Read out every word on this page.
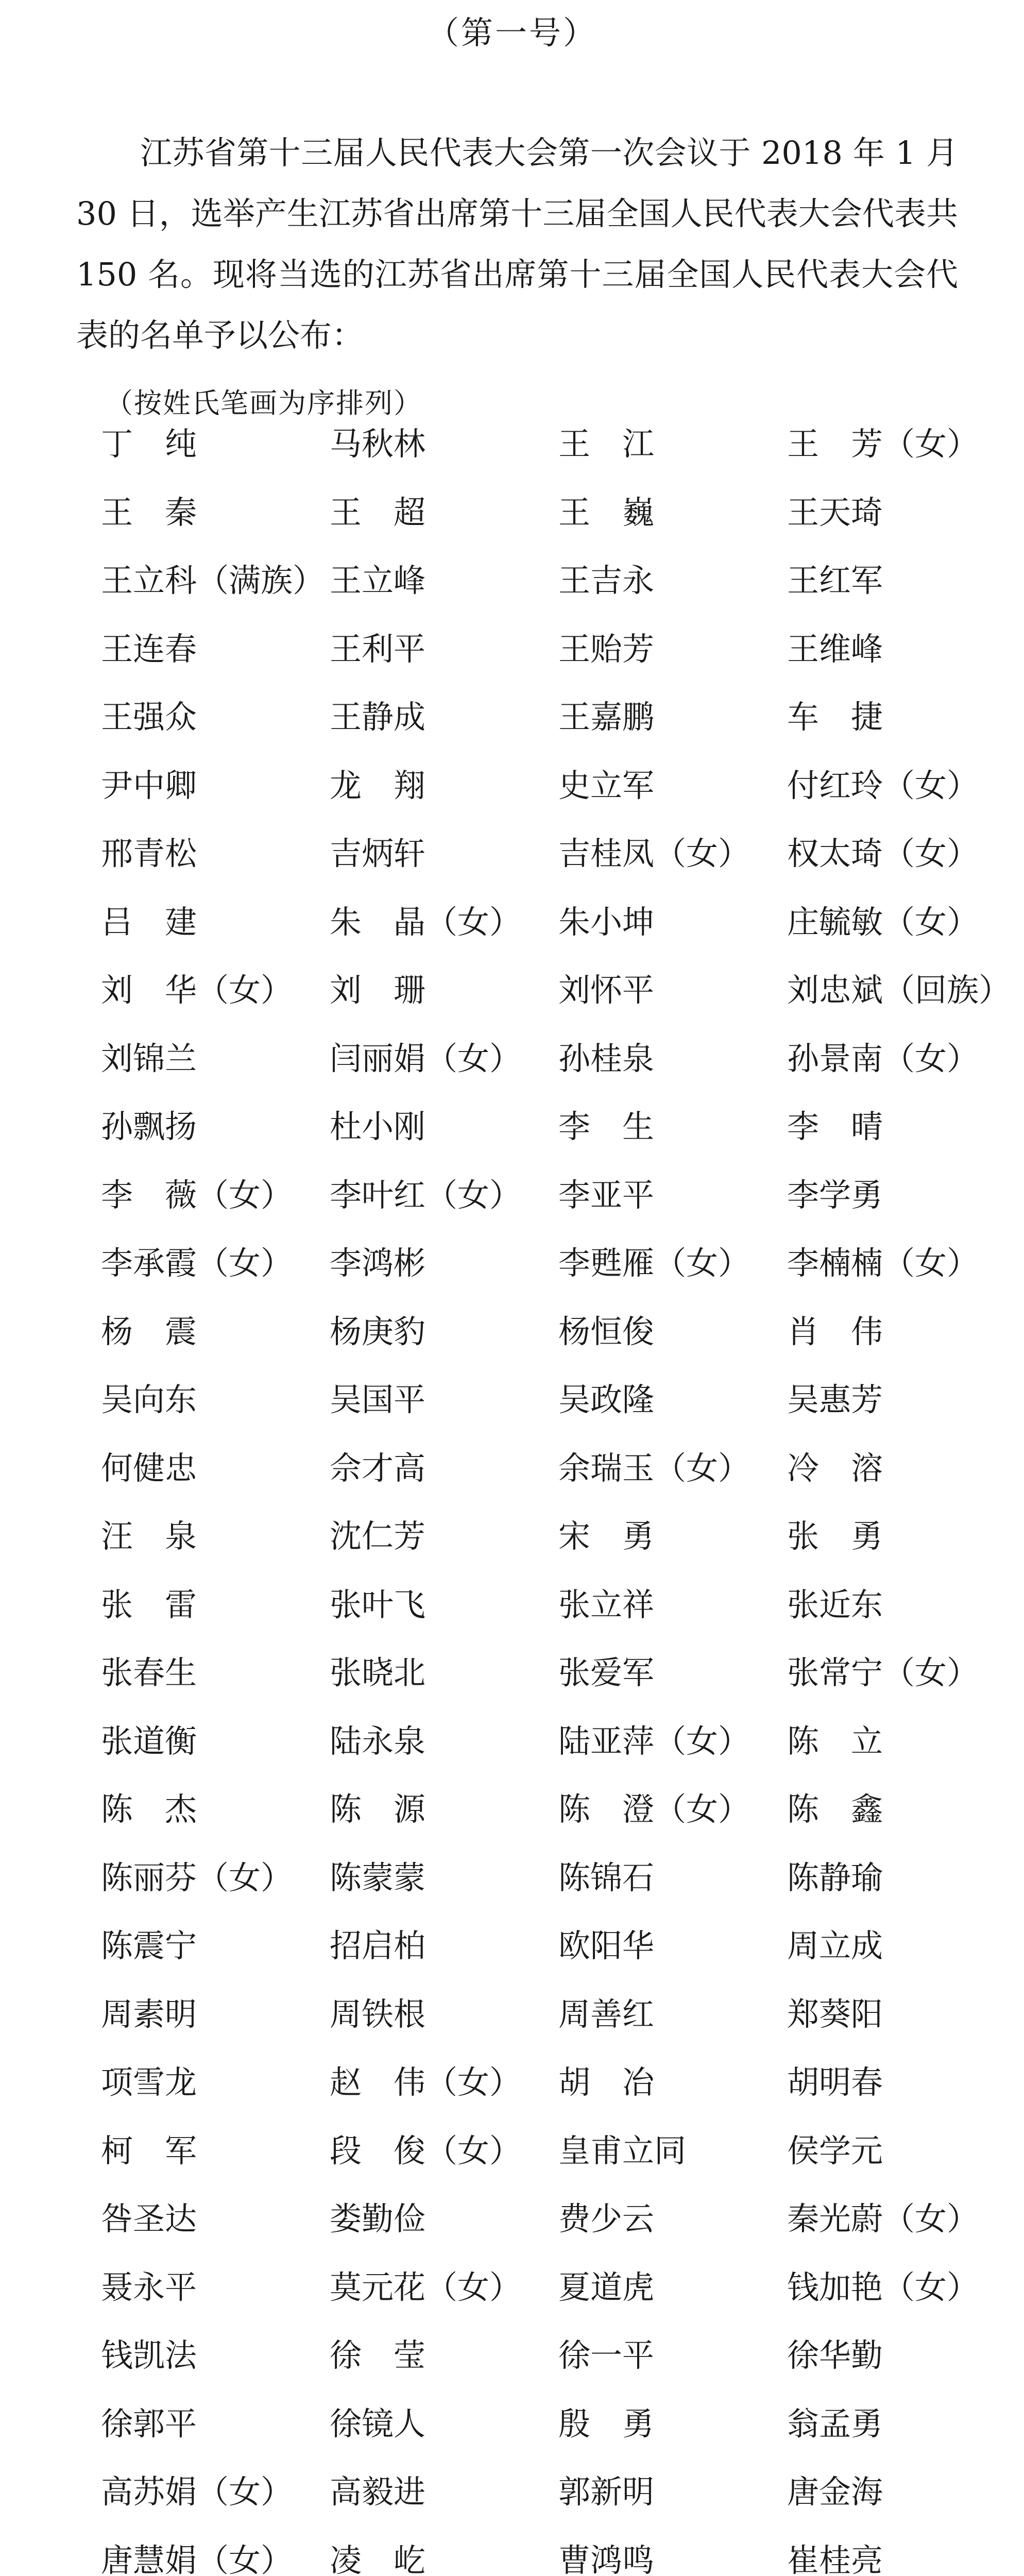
（第一号）
江苏省第十三届人民代表大会第一次会议于 2018 年 1 月 30 日，选举产生江苏省出席第十三届全国人民代表大会代表共 150 名。现将当选的江苏省出席第十三届全国人民代表大会代表的名单予以公布：
（按姓氏笔画为序排列）
丁　纯	马秋林	王　江	王　芳（女）
王　秦	王　超	王　巍	王天琦
王立科（满族） 王立峰	王吉永	王红军
王连春	王利平	王贻芳	王维峰
王强众	王静成	王嘉鹏	车　捷
尹中卿	龙　翔	史立军	付红玲（女）
邢青松	吉炳轩	吉桂凤（女） 权太琦（女）
吕　建	朱　晶（女） 朱小坤	庄毓敏（女）
刘　华（女） 刘　珊	刘怀平	刘忠斌（回族）
刘锦兰	闫丽娟（女） 孙桂泉	孙景南（女）
孙飘扬	杜小刚	李　生	李　晴
李　薇（女） 李叶红（女） 李亚平	李学勇
李承霞（女） 李鸿彬	李甦雁（女） 李楠楠（女）
杨　震	杨庚豹	杨恒俊	肖　伟
吴向东	吴国平	吴政隆	吴惠芳
何健忠	佘才高	余瑞玉（女） 冷　溶
汪　泉	沈仁芳	宋　勇	张　勇
张　雷	张叶飞	张立祥	张近东
张春生	张晓北	张爱军	张常宁（女）
张道衡	陆永泉	陆亚萍（女） 陈　立
陈　杰	陈　源	陈　澄（女） 陈　鑫
陈丽芬（女） 陈蒙蒙	陈锦石	陈静瑜
陈震宁	招启柏	欧阳华	周立成
周素明	周铁根	周善红	郑葵阳
项雪龙	赵　伟（女） 胡　冶	胡明春
柯　军	段　俊（女） 皇甫立同	侯学元
咎圣达	娄勤俭	费少云	秦光蔚（女）
聂永平	莫元花（女） 夏道虎	钱加艳（女）
钱凯法	徐　莹	徐一平	徐华勤
徐郭平	徐镜人	殷　勇	翁孟勇
高苏娟（女） 高毅进	郭新明	唐金海
唐慧娟（女） 凌　屹	曹鸿鸣	崔桂亮
